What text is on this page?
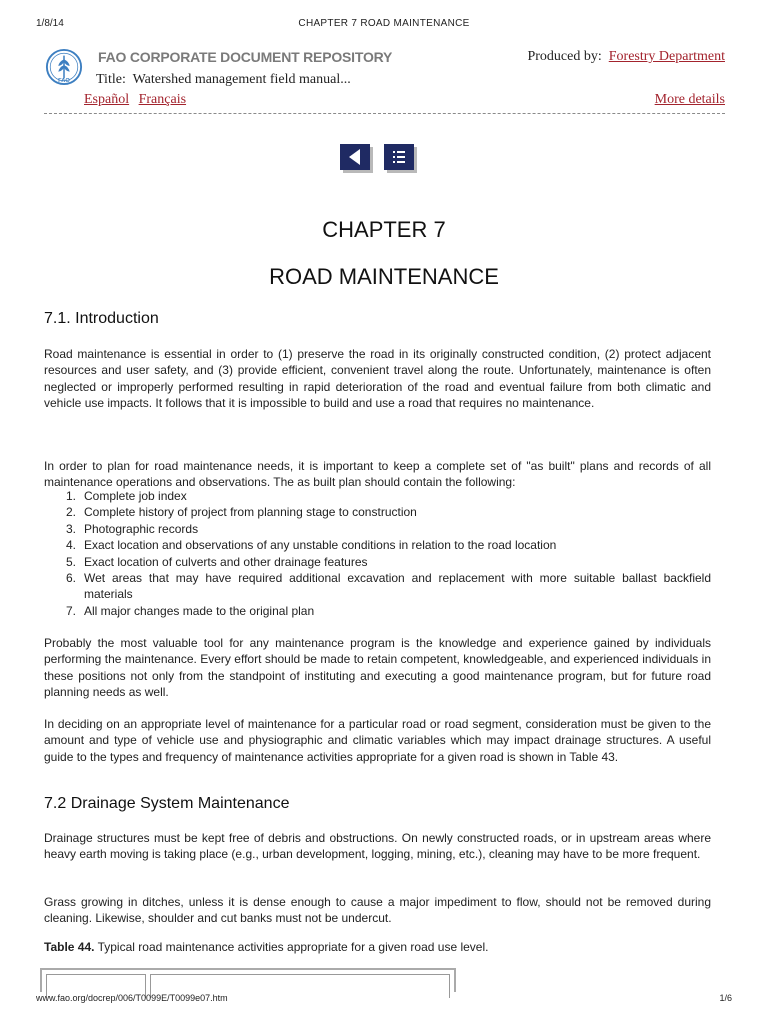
1/8/14	CHAPTER 7 ROAD MAINTENANCE
FAO
FAO CORPORATE DOCUMENT REPOSITORY	Produced by: Forestry Department
Title: Watershed management field manual...
Español Français	More details
CHAPTER 7
ROAD MAINTENANCE
7.1. Introduction
Road maintenance is essential in order to (1) preserve the road in its originally constructed condition, (2) protect adjacent resources and user safety, and (3) provide efficient, convenient travel along the route. Unfortunately, maintenance is often neglected or improperly performed resulting in rapid deterioration of the road and eventual failure from both climatic and vehicle use impacts. It follows that it is impossible to build and use a road that requires no maintenance.
In order to plan for road maintenance needs, it is important to keep a complete set of "as built" plans and records of all maintenance operations and observations. The as built plan should contain the following:
1. Complete job index
2. Complete history of project from planning stage to construction
3. Photographic records
4. Exact location and observations of any unstable conditions in relation to the road location
5. Exact location of culverts and other drainage features
6. Wet areas that may have required additional excavation and replacement with more suitable ballast backfield materials
7. All major changes made to the original plan
Probably the most valuable tool for any maintenance program is the knowledge and experience gained by individuals performing the maintenance. Every effort should be made to retain competent, knowledgeable, and experienced individuals in these positions not only from the standpoint of instituting and executing a good maintenance program, but for future road planning needs as well.
In deciding on an appropriate level of maintenance for a particular road or road segment, consideration must be given to the amount and type of vehicle use and physiographic and climatic variables which may impact drainage structures. A useful guide to the types and frequency of maintenance activities appropriate for a given road is shown in Table 43.
7.2 Drainage System Maintenance
Drainage structures must be kept free of debris and obstructions. On newly constructed roads, or in upstream areas where heavy earth moving is taking place (e.g., urban development, logging, mining, etc.), cleaning may have to be more frequent.
Grass growing in ditches, unless it is dense enough to cause a major impediment to flow, should not be removed during cleaning. Likewise, shoulder and cut banks must not be undercut.
Table 44. Typical road maintenance activities appropriate for a given road use level.
www.fao.org/docrep/006/T0099E/T0099e07.htm	1/6
